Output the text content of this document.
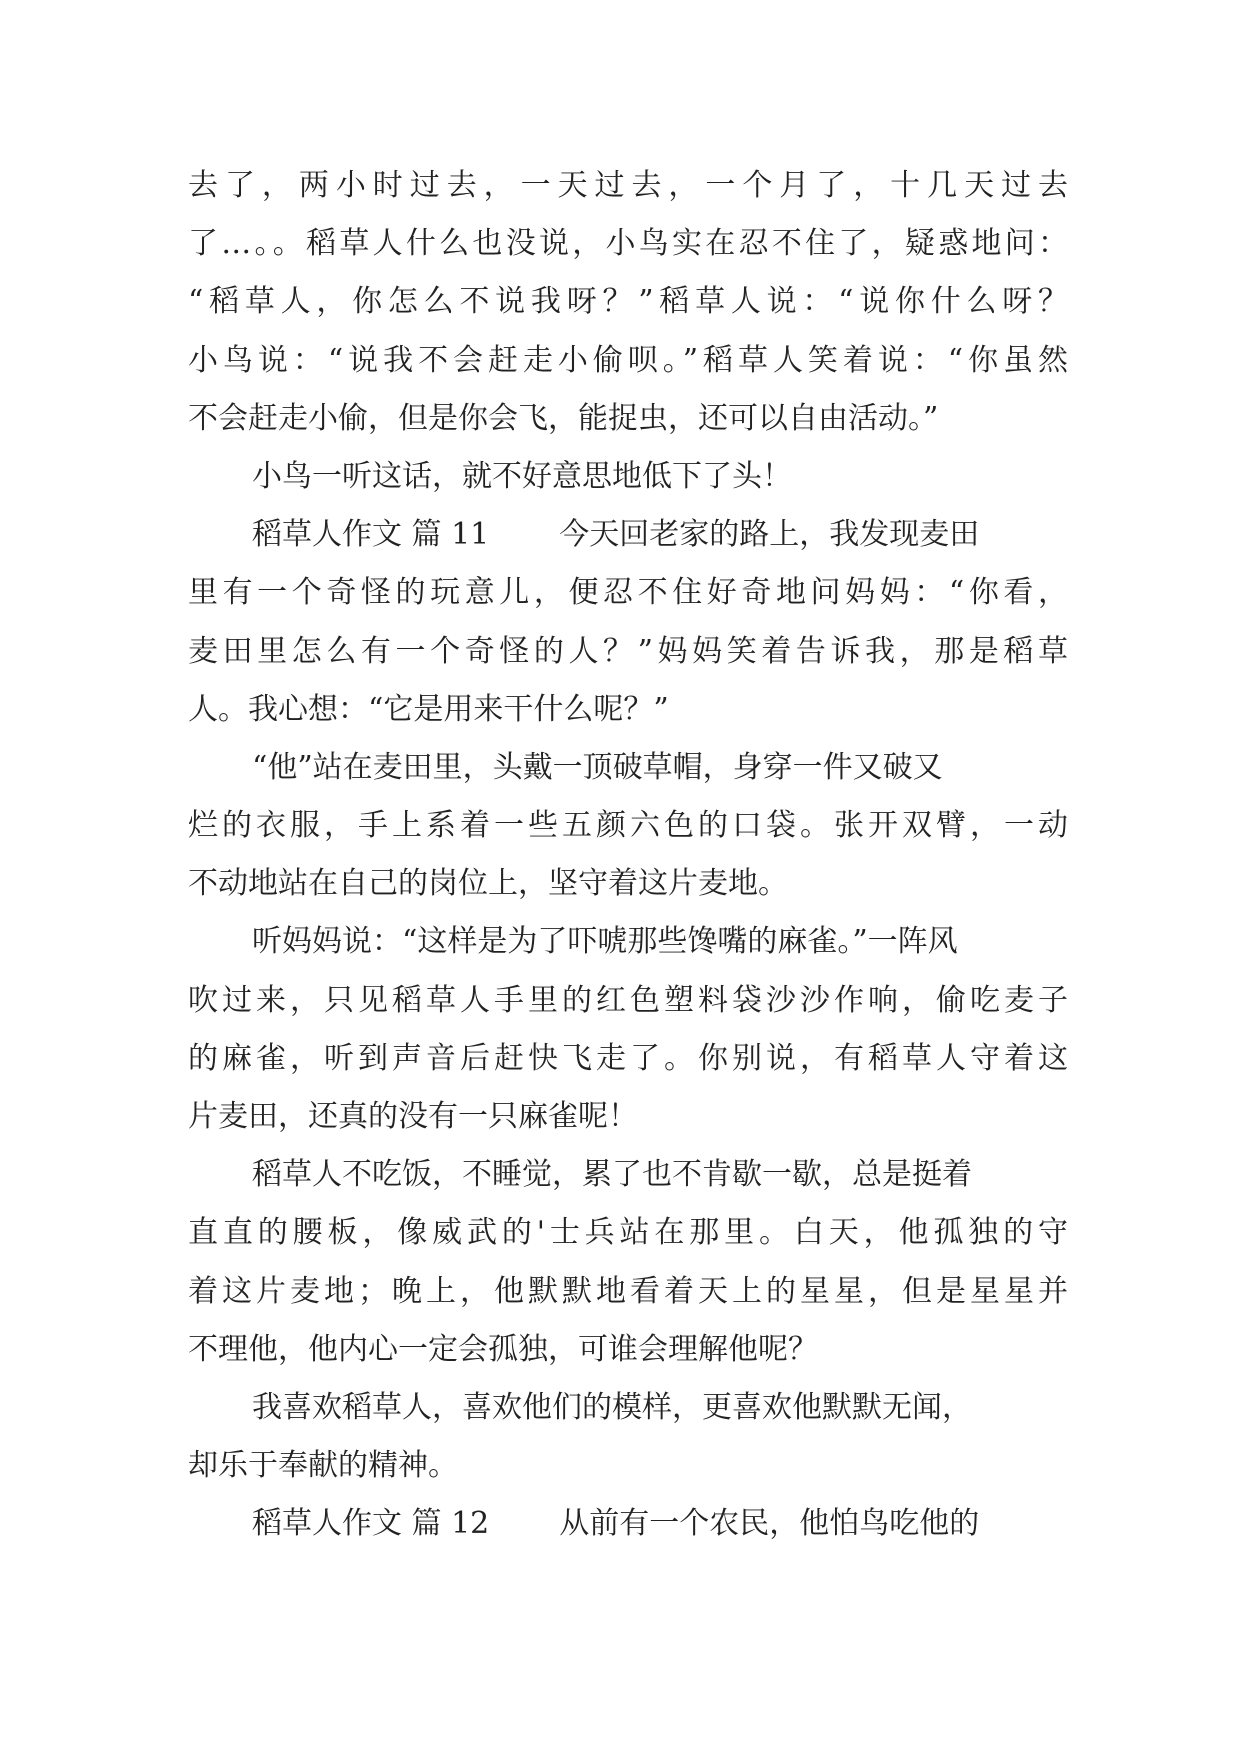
去了，两小时过去，一天过去，一个月了，十几天过去
了…。。稻草人什么也没说，小鸟实在忍不住了，疑惑地问：
“稻草人，你怎么不说我呀？”稻草人说：“说你什么呀？
小鸟说：“说我不会赶走小偷呗。”稻草人笑着说：“你虽然
不会赶走小偷，但是你会飞，能捉虫，还可以自由活动。”
小鸟一听这话，就不好意思地低下了头！
稻草人作文 篇 11 今天回老家的路上，我发现麦田
里有一个奇怪的玩意儿，便忍不住好奇地问妈妈：“你看，
麦田里怎么有一个奇怪的人？”妈妈笑着告诉我，那是稻草
人。我心想：“它是用来干什么呢？”
“他”站在麦田里，头戴一顶破草帽，身穿一件又破又
烂的衣服，手上系着一些五颜六色的口袋。张开双臂，一动
不动地站在自己的岗位上，坚守着这片麦地。
听妈妈说：“这样是为了吓唬那些馋嘴的麻雀。”一阵风
吹过来，只见稻草人手里的红色塑料袋沙沙作响，偷吃麦子
的麻雀，听到声音后赶快飞走了。你别说，有稻草人守着这
片麦田，还真的没有一只麻雀呢！
稻草人不吃饭，不睡觉，累了也不肯歇一歇，总是挺着
直直的腰板，像威武的'士兵站在那里。白天，他孤独的守
着这片麦地；晚上，他默默地看着天上的星星，但是星星并
不理他，他内心一定会孤独，可谁会理解他呢？
我喜欢稻草人，喜欢他们的模样，更喜欢他默默无闻，
却乐于奉献的精神。
稻草人作文 篇 12 从前有一个农民，他怕鸟吃他的
